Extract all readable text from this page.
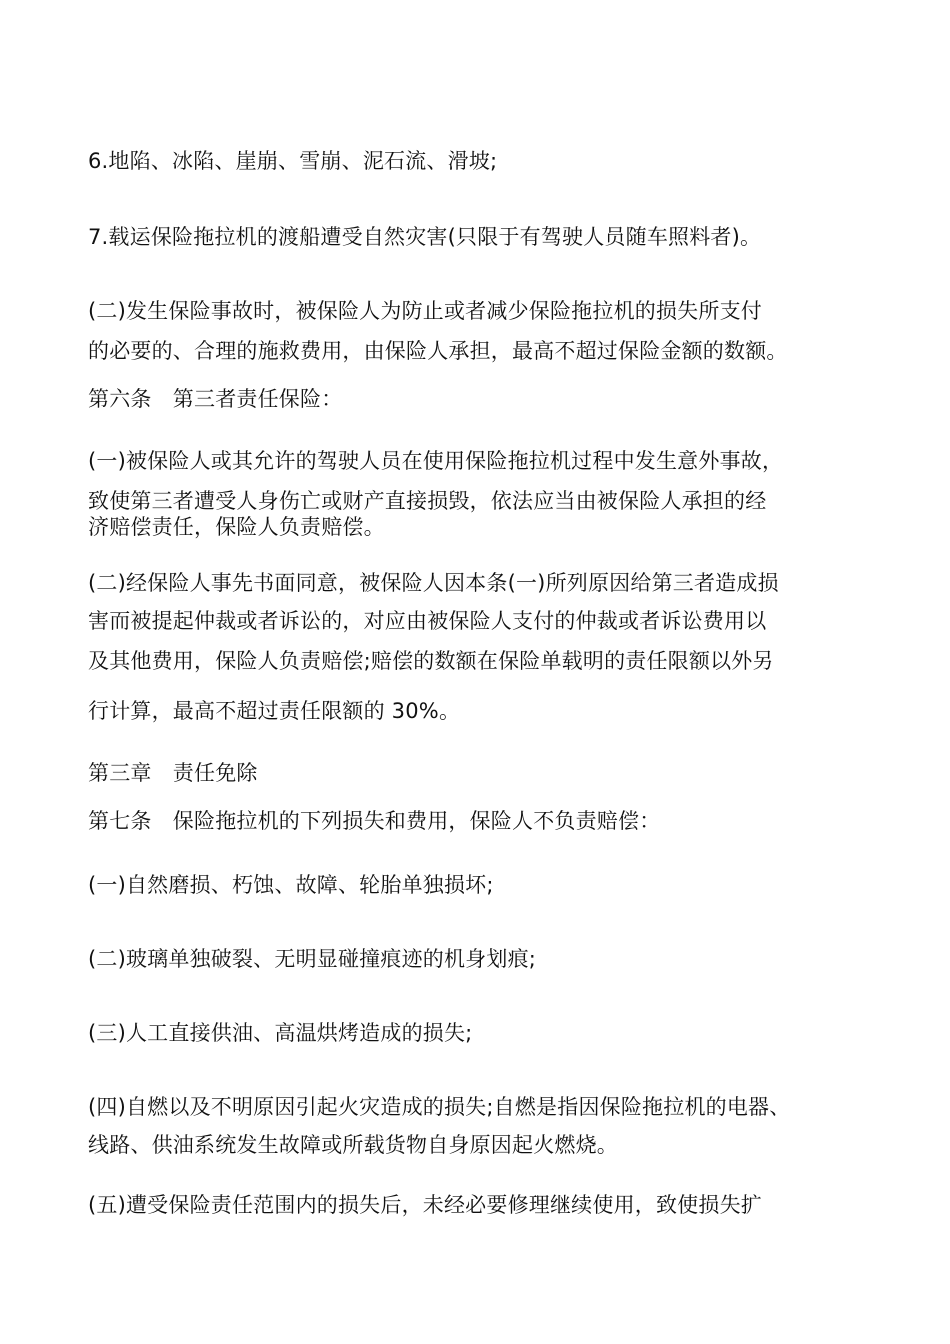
6.地陷、冰陷、崖崩、雪崩、泥石流、滑坡;
7.载运保险拖拉机的渡船遭受自然灾害(只限于有驾驶人员随车照料者)。
(二)发生保险事故时，被保险人为防止或者减少保险拖拉机的损失所支付
的必要的、合理的施救费用，由保险人承担，最高不超过保险金额的数额。
第六条　第三者责任保险：
(一)被保险人或其允许的驾驶人员在使用保险拖拉机过程中发生意外事故，
致使第三者遭受人身伤亡或财产直接损毁，依法应当由被保险人承担的经
济赔偿责任，保险人负责赔偿。
(二)经保险人事先书面同意，被保险人因本条(一)所列原因给第三者造成损
害而被提起仲裁或者诉讼的，对应由被保险人支付的仲裁或者诉讼费用以
及其他费用，保险人负责赔偿;赔偿的数额在保险单载明的责任限额以外另
行计算，最高不超过责任限额的 30%。
第三章　责任免除
第七条　保险拖拉机的下列损失和费用，保险人不负责赔偿：
(一)自然磨损、朽蚀、故障、轮胎单独损坏;
(二)玻璃单独破裂、无明显碰撞痕迹的机身划痕;
(三)人工直接供油、高温烘烤造成的损失;
(四)自燃以及不明原因引起火灾造成的损失;自燃是指因保险拖拉机的电器、
线路、供油系统发生故障或所载货物自身原因起火燃烧。
(五)遭受保险责任范围内的损失后，未经必要修理继续使用，致使损失扩
